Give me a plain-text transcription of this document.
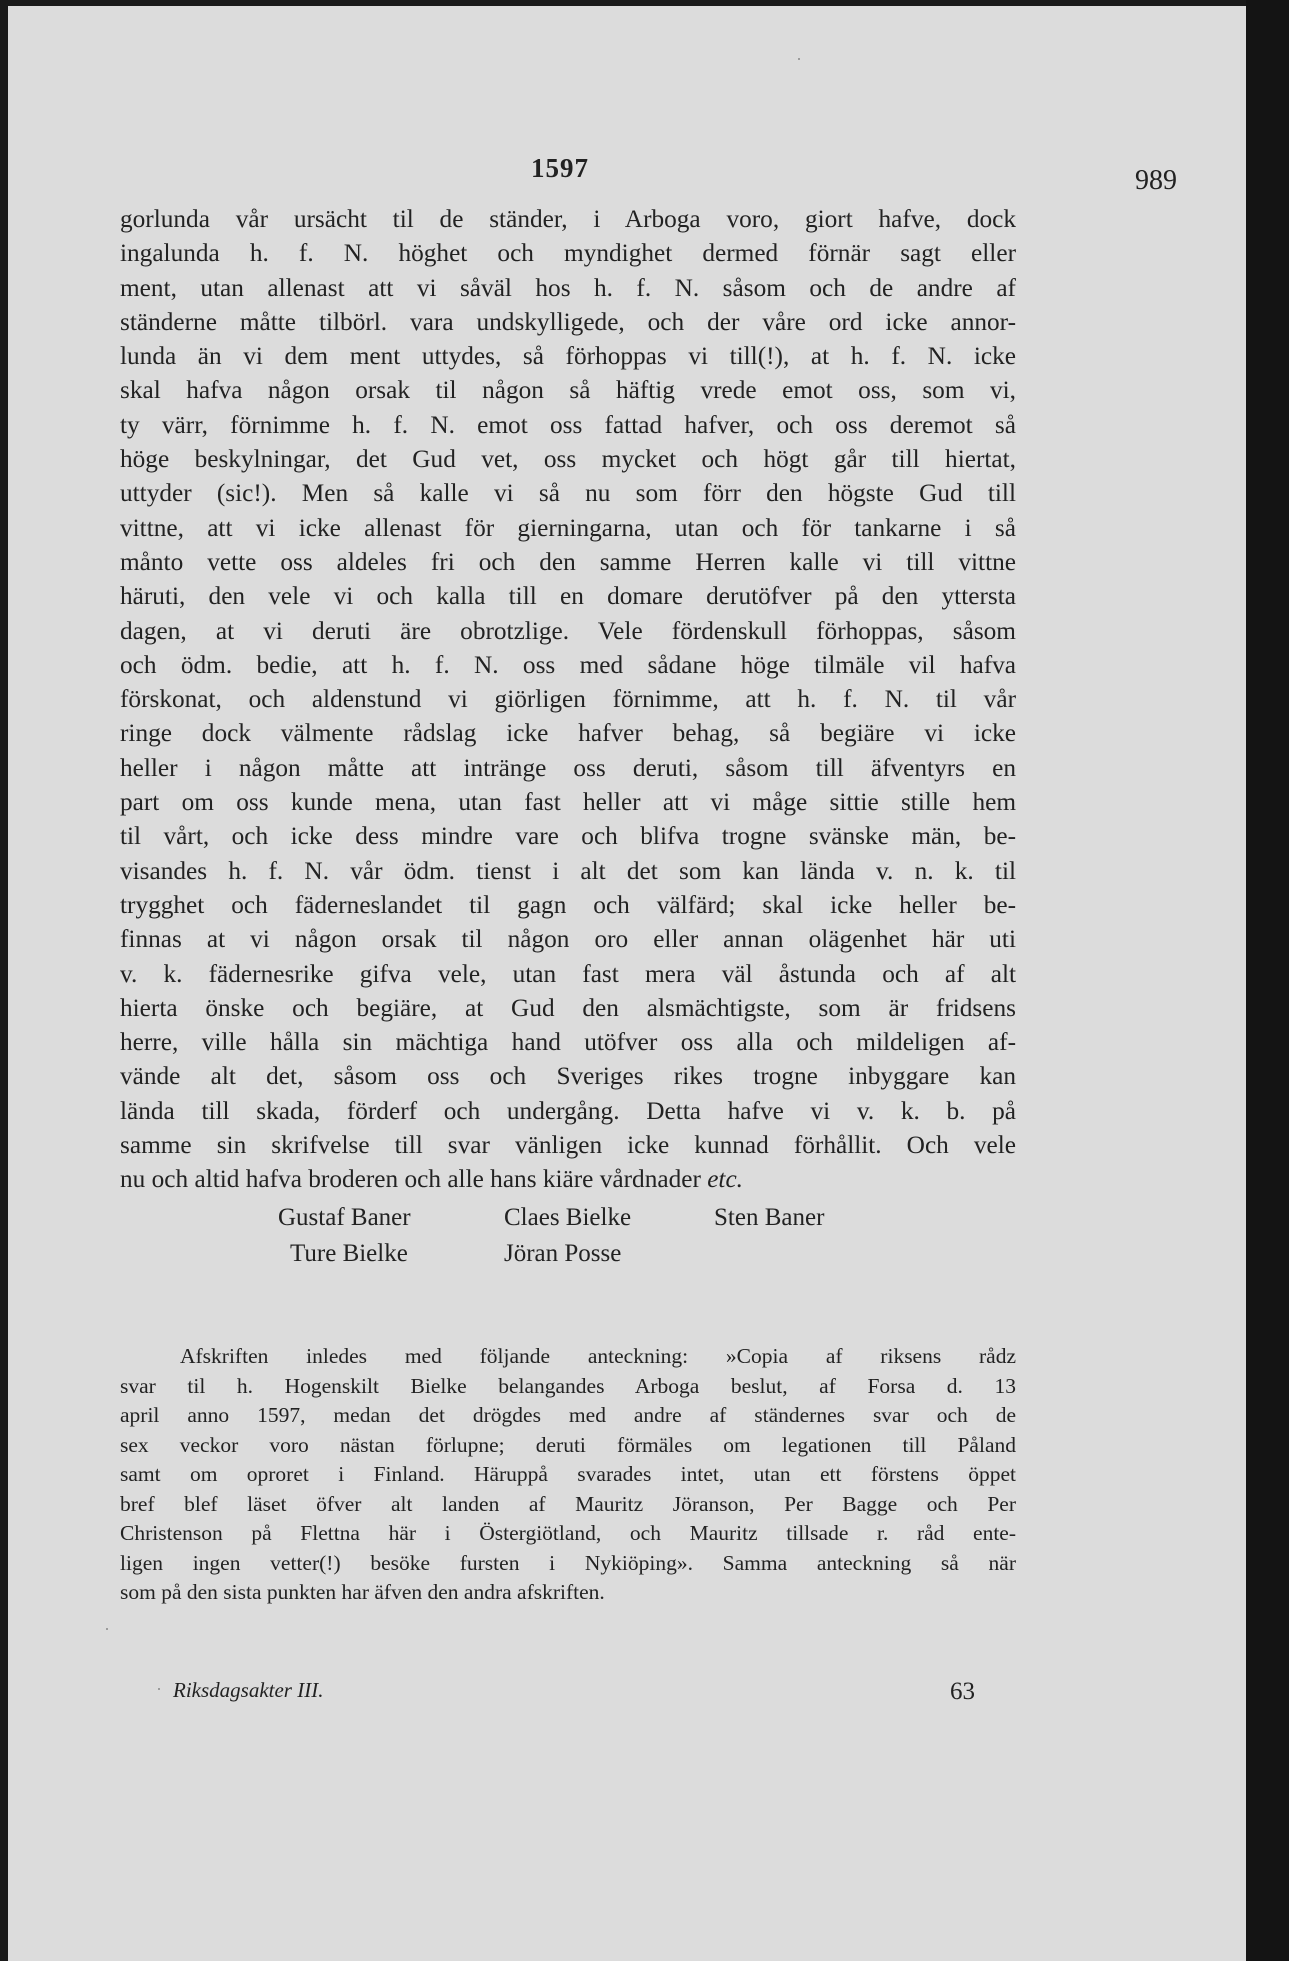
1597	989
gorlunda vår ursächt til de ständer, i Arboga voro, giort hafve, dock
ingalunda h. f. N. höghet och myndighet dermed förnär sagt eller
ment, utan allenast att vi såväl hos h. f. N. såsom och de andre af
ständerne måtte tilbörl. vara undskylligede, och der våre ord icke annor-
lunda än vi dem ment uttydes, så förhoppas vi till(!), at h. f. N. icke
skal hafva någon orsak til någon så häftig vrede emot oss, som vi,
ty värr, förnimme h. f. N. emot oss fattad hafver, och oss deremot så
höge beskylningar, det Gud vet, oss mycket och högt går till hiertat,
uttyder (sic!). Men så kalle vi så nu som förr den högste Gud till
vittne, att vi icke allenast för gierningarna, utan och för tankarne i så
månto vette oss aldeles fri och den samme Herren kalle vi till vittne
häruti, den vele vi och kalla till en domare derutöfver på den yttersta
dagen, at vi deruti äre obrotzlige. Vele fördenskull förhoppas, såsom
och ödm. bedie, att h. f. N. oss med sådane höge tilmäle vil hafva
förskonat, och aldenstund vi giörligen förnimme, att h. f. N. til vår
ringe dock välmente rådslag icke hafver behag, så begiäre vi icke
heller i någon måtte att intränge oss deruti, såsom till äfventyrs en
part om oss kunde mena, utan fast heller att vi måge sittie stille hem
til vårt, och icke dess mindre vare och blifva trogne svänske män, be-
visandes h. f. N. vår ödm. tienst i alt det som kan lända v. n. k. til
trygghet och fäderneslandet til gagn och välfärd; skal icke heller be-
finnas at vi någon orsak til någon oro eller annan olägenhet här uti
v. k. fädernesrike gifva vele, utan fast mera väl åstunda och af alt
hierta önske och begiäre, at Gud den alsmächtigste, som är fridsens
herre, ville hålla sin mächtiga hand utöfver oss alla och mildeligen af-
vände alt det, såsom oss och Sveriges rikes trogne inbyggare kan
lända till skada, förderf och undergång. Detta hafve vi v. k. b. på
samme sin skrifvelse till svar vänligen icke kunnad förhållit. Och vele
nu och altid hafva broderen och alle hans kiäre vårdnader etc.
Gustaf Baner	Claes Bielke	Sten Baner
Ture Bielke	Jöran Posse
Afskriften inledes med följande anteckning: »Copia af riksens rådz
svar til h. Hogenskilt Bielke belangandes Arboga beslut, af Forsa d. 13
april anno 1597, medan det drögdes med andre af ständernes svar och de
sex veckor voro nästan förlupne; deruti förmäles om legationen till Påland
samt om oproret i Finland. Häruppå svarades intet, utan ett förstens öppet
bref blef läset öfver alt landen af Mauritz Jöranson, Per Bagge och Per
Christenson på Flettna här i Östergiötland, och Mauritz tillsade r. råd ente-
ligen ingen vetter(!) besöke fursten i Nykiöping». Samma anteckning så när
som på den sista punkten har äfven den andra afskriften.
Riksdagsakter III.	63
